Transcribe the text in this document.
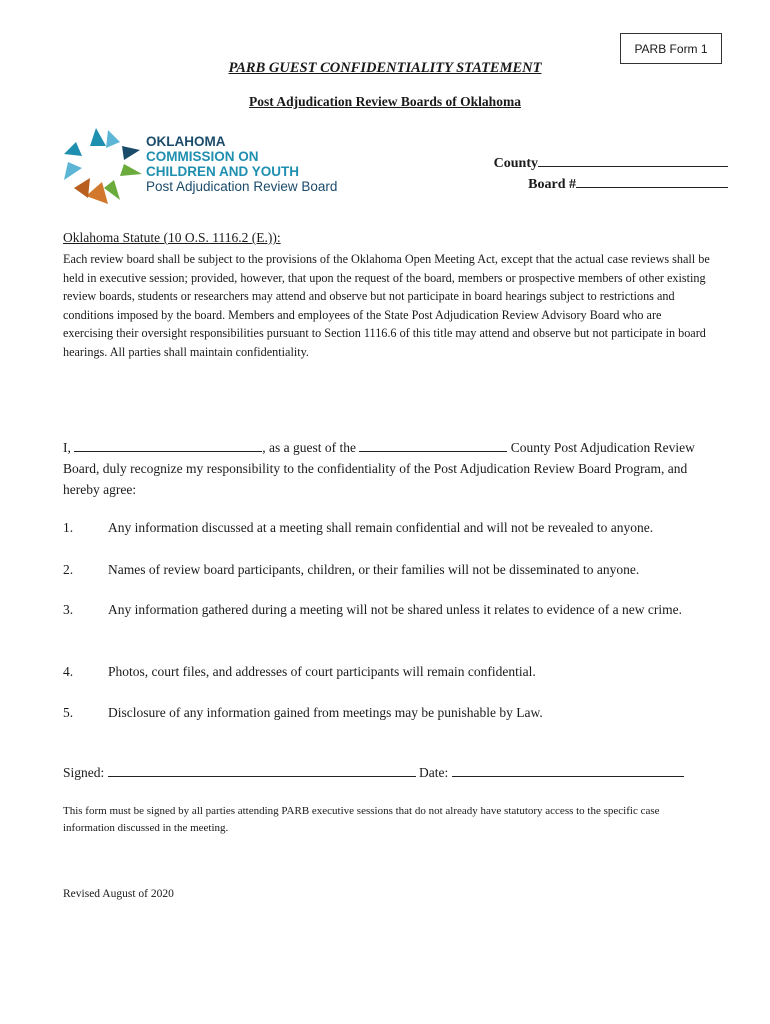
PARB Form 1
PARB GUEST CONFIDENTIALITY STATEMENT
Post Adjudication Review Boards of Oklahoma
OKLAHOMA
COMMISSION ON
CHILDREN AND YOUTH
Post Adjudication Review Board
County
Board #
Oklahoma Statute (10 O.S. 1116.2 (E.)):
Each review board shall be subject to the provisions of the Oklahoma Open Meeting Act, except that the actual case reviews shall be held in executive session; provided, however, that upon the request of the board, members or prospective members of other existing review boards, students or researchers may attend and observe but not participate in board hearings subject to restrictions and conditions imposed by the board. Members and employees of the State Post Adjudication Review Advisory Board who are exercising their oversight responsibilities pursuant to Section 1116.6 of this title may attend and observe but not participate in board hearings. All parties shall maintain confidentiality.
I,	, as a guest of the	County Post Adjudication Review Board, duly recognize my responsibility to the confidentiality of the Post Adjudication Review Board Program, and hereby agree:
1.	Any information discussed at a meeting shall remain confidential and will not be revealed to anyone.
2.	Names of review board participants, children, or their families will not be disseminated to anyone.
3.	Any information gathered during a meeting will not be shared unless it relates to evidence of a new crime.
4.	Photos, court files, and addresses of court participants will remain confidential.
5.	Disclosure of any information gained from meetings may be punishable by Law.
Signed:	Date:
This form must be signed by all parties attending PARB executive sessions that do not already have statutory access to the specific case information discussed in the meeting.
Revised August of 2020
